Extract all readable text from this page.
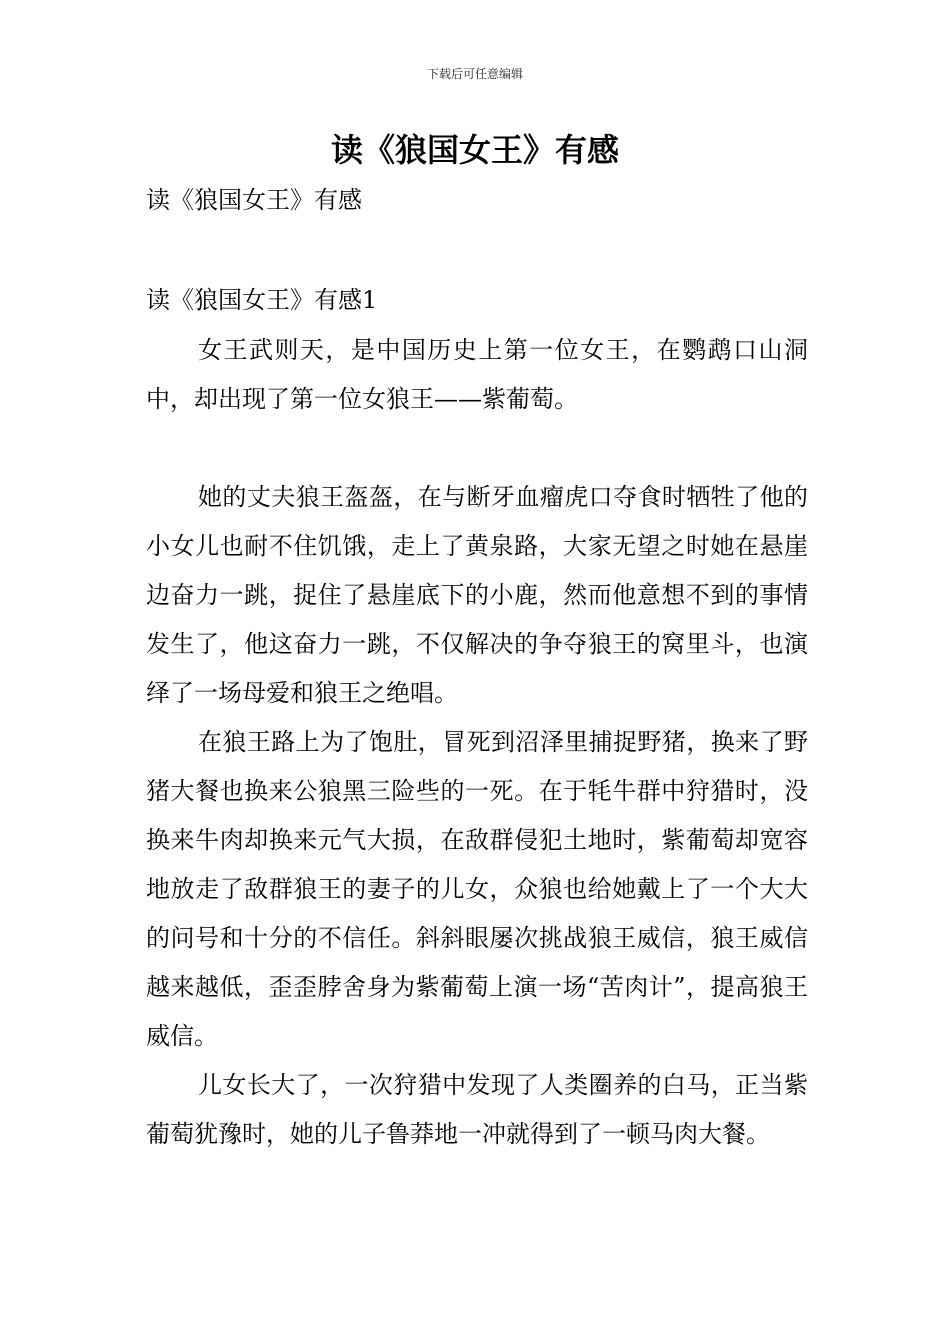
下载后可任意编辑
读《狼国女王》有感

读《狼国女王》有感

读《狼国女王》有感1

女王武则天，是中国历史上第一位女王，在鹦鹉口山洞中，却出现了第一位女狼王——紫葡萄。

她的丈夫狼王盔盔，在与断牙血瘤虎口夺食时牺牲了他的小女儿也耐不住饥饿，走上了黄泉路，大家无望之时她在悬崖边奋力一跳，捉住了悬崖底下的小鹿，然而他意想不到的事情发生了，他这奋力一跳，不仅解决的争夺狼王的窝里斗，也演绎了一场母爱和狼王之绝唱。

在狼王路上为了饱肚，冒死到沼泽里捕捉野猪，换来了野猪大餐也换来公狼黑三险些的一死。在于牦牛群中狩猎时，没换来牛肉却换来元气大损，在敌群侵犯土地时，紫葡萄却宽容地放走了敌群狼王的妻子的儿女，众狼也给她戴上了一个大大的问号和十分的不信任。斜斜眼屡次挑战狼王威信，狼王威信越来越低，歪歪脖舍身为紫葡萄上演一场“苦肉计”，提高狼王威信。

儿女长大了，一次狩猎中发现了人类圈养的白马，正当紫葡萄犹豫时，她的儿子鲁莽地一冲就得到了一顿马肉大餐。
